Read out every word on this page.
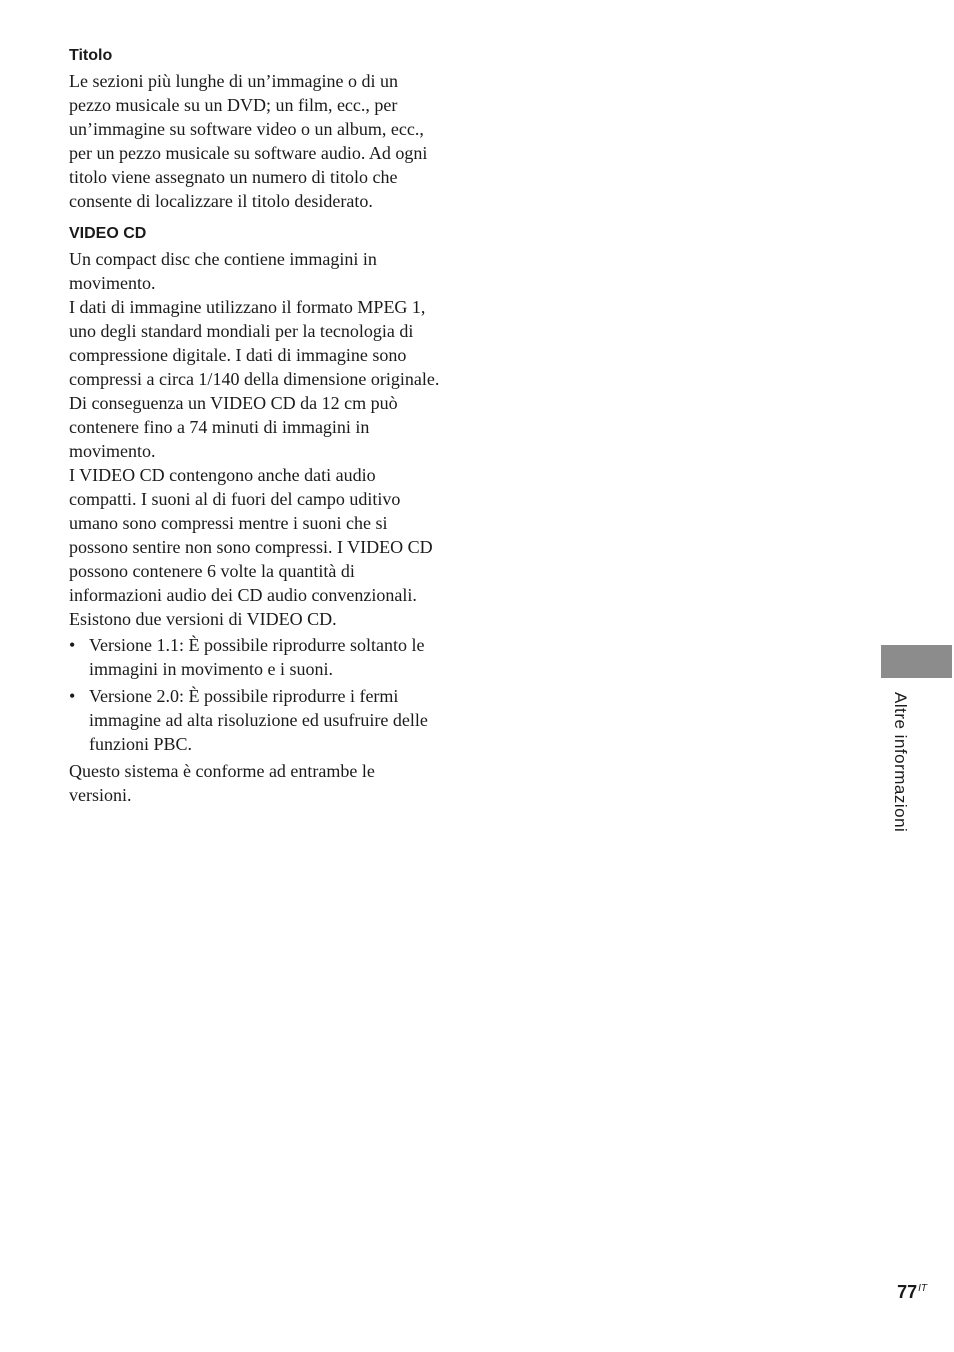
Titolo

Le sezioni più lunghe di un’immagine o di un pezzo musicale su un DVD; un film, ecc., per un’immagine su software video o un album, ecc., per un pezzo musicale su software audio. Ad ogni titolo viene assegnato un numero di titolo che consente di localizzare il titolo desiderato.

VIDEO CD

Un compact disc che contiene immagini in movimento.

I dati di immagine utilizzano il formato MPEG 1, uno degli standard mondiali per la tecnologia di compressione digitale. I dati di immagine sono compressi a circa 1/140 della dimensione originale. Di conseguenza un VIDEO CD da 12 cm può contenere fino a 74 minuti di immagini in movimento.

I VIDEO CD contengono anche dati audio compatti. I suoni al di fuori del campo uditivo umano sono compressi mentre i suoni che si possono sentire non sono compressi. I VIDEO CD possono contenere 6 volte la quantità di informazioni audio dei CD audio convenzionali.

Esistono due versioni di VIDEO CD.

• Versione 1.1: È possibile riprodurre soltanto le immagini in movimento e i suoni.
• Versione 2.0: È possibile riprodurre i fermi immagine ad alta risoluzione ed usufruire delle funzioni PBC.

Questo sistema è conforme ad entrambe le versioni.	Altre informazioni
$77^{IT}$
